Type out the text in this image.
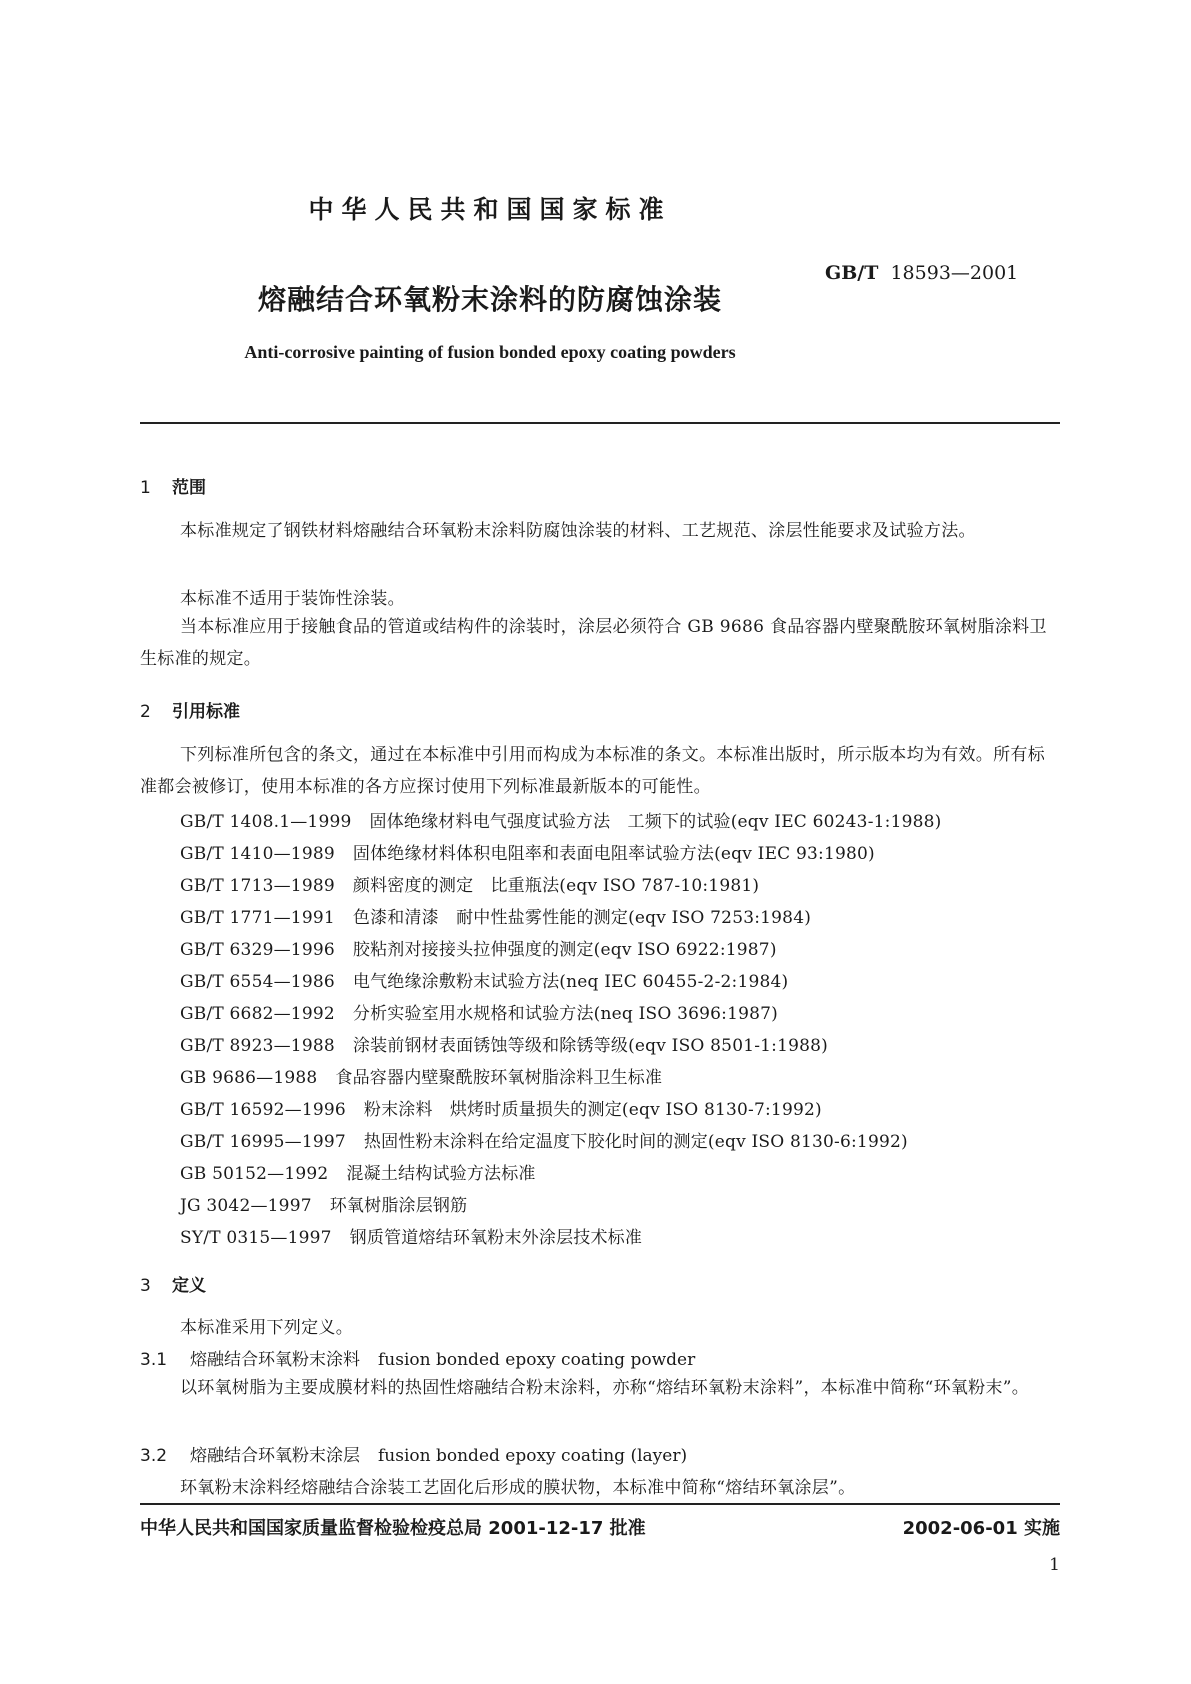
中华人民共和国国家标准
GB/T 18593—2001
熔融结合环氧粉末涂料的防腐蚀涂装
Anti-corrosive painting of fusion bonded epoxy coating powders
1 范围
本标准规定了钢铁材料熔融结合环氧粉末涂料防腐蚀涂装的材料、工艺规范、涂层性能要求及试验方法。
本标准不适用于装饰性涂装。
当本标准应用于接触食品的管道或结构件的涂装时，涂层必须符合 GB 9686 食品容器内壁聚酰胺环氧树脂涂料卫生标准的规定。
2 引用标准
下列标准所包含的条文，通过在本标准中引用而构成为本标准的条文。本标准出版时，所示版本均为有效。所有标准都会被修订，使用本标准的各方应探讨使用下列标准最新版本的可能性。
GB/T 1408.1—1999 固体绝缘材料电气强度试验方法　工频下的试验(eqv IEC 60243-1:1988)
GB/T 1410—1989 固体绝缘材料体积电阻率和表面电阻率试验方法(eqv IEC 93:1980)
GB/T 1713—1989 颜料密度的测定　比重瓶法(eqv ISO 787-10:1981)
GB/T 1771—1991 色漆和清漆　耐中性盐雾性能的测定(eqv ISO 7253:1984)
GB/T 6329—1996 胶粘剂对接接头拉伸强度的测定(eqv ISO 6922:1987)
GB/T 6554—1986 电气绝缘涂敷粉末试验方法(neq IEC 60455-2-2:1984)
GB/T 6682—1992 分析实验室用水规格和试验方法(neq ISO 3696:1987)
GB/T 8923—1988 涂装前钢材表面锈蚀等级和除锈等级(eqv ISO 8501-1:1988)
GB 9686—1988 食品容器内壁聚酰胺环氧树脂涂料卫生标准
GB/T 16592—1996 粉末涂料　烘烤时质量损失的测定(eqv ISO 8130-7:1992)
GB/T 16995—1997 热固性粉末涂料在给定温度下胶化时间的测定(eqv ISO 8130-6:1992)
GB 50152—1992 混凝土结构试验方法标准
JG 3042—1997 环氧树脂涂层钢筋
SY/T 0315—1997 钢质管道熔结环氧粉末外涂层技术标准
3 定义
本标准采用下列定义。
3.1 熔融结合环氧粉末涂料 fusion bonded epoxy coating powder
以环氧树脂为主要成膜材料的热固性熔融结合粉末涂料，亦称“熔结环氧粉末涂料”，本标准中简称“环氧粉末”。
3.2 熔融结合环氧粉末涂层 fusion bonded epoxy coating (layer)
环氧粉末涂料经熔融结合涂装工艺固化后形成的膜状物，本标准中简称“熔结环氧涂层”。
中华人民共和国国家质量监督检验检疫总局 2001-12-17 批准	2002-06-01 实施
1
